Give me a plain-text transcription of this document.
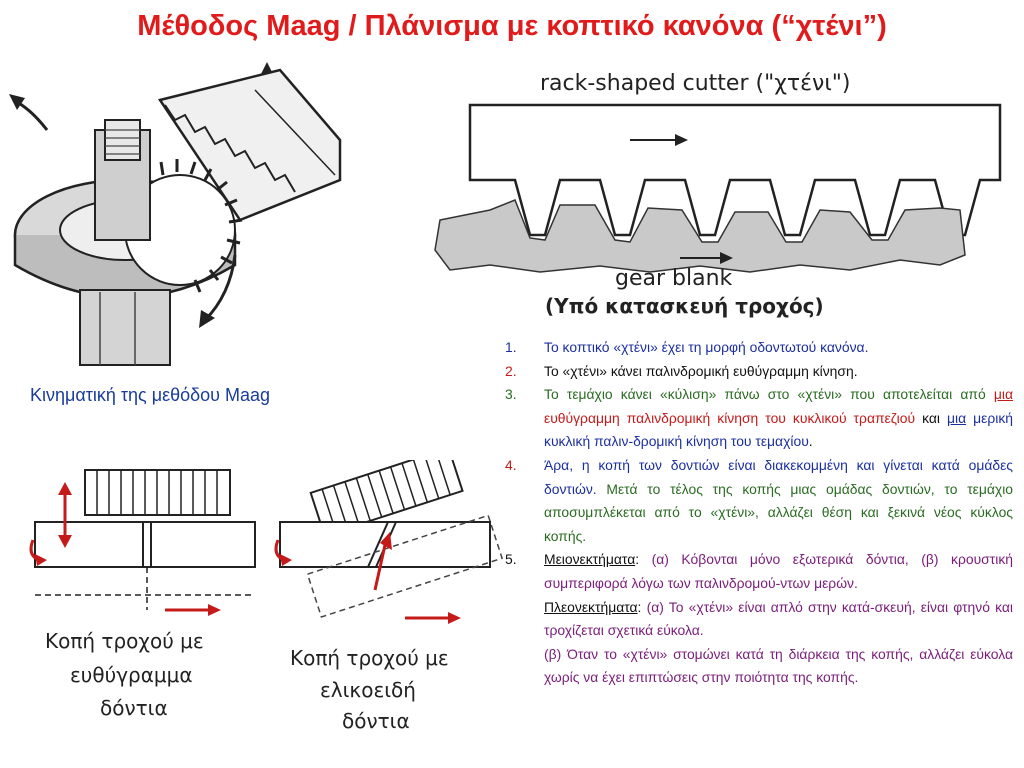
Μέθοδος Maag / Πλάνισμα με κοπτικό κανόνα (“χτένι”)
rack-shaped cutter ("χτένι")
gear blank
(Υπό κατασκευή τροχός)
Κινηματική της μεθόδου Maag
Κοπή τροχού με
ευθύγραμμα
δόντια
Κοπή τροχού με
ελικοειδή
δόντια
1. Το κοπτικό «χτένι» έχει τη μορφή οδοντωτού κανόνα.
2. Το «χτένι» κάνει παλινδρομική ευθύγραμμη κίνηση.
3. Το τεμάχιο κάνει «κύλιση» πάνω στο «χτένι» που αποτελείται από μια ευθύγραμμη παλινδρομική κίνηση του κυκλικού τραπεζιού και μια μερική κυκλική παλιν-δρομική κίνηση του τεμαχίου.
4. Άρα, η κοπή των δοντιών είναι διακεκομμένη και γίνεται κατά ομάδες δοντιών. Μετά το τέλος της κοπής μιας ομάδας δοντιών, το τεμάχιο αποσυμπλέκεται από το «χτένι», αλλάζει θέση και ξεκινά νέος κύκλος κοπής.
5. Μειονεκτήματα: (α) Κόβονται μόνο εξωτερικά δόντια, (β) κρουστική συμπεριφορά λόγω των παλινδρομού-ντων μερών.
Πλεονεκτήματα: (α) Το «χτένι» είναι απλό στην κατά-σκευή, είναι φτηνό και τροχίζεται σχετικά εύκολα.
(β) Όταν το «χτένι» στομώνει κατά τη διάρκεια της κοπής, αλλάζει εύκολα χωρίς να έχει επιπτώσεις στην ποιότητα της κοπής.
